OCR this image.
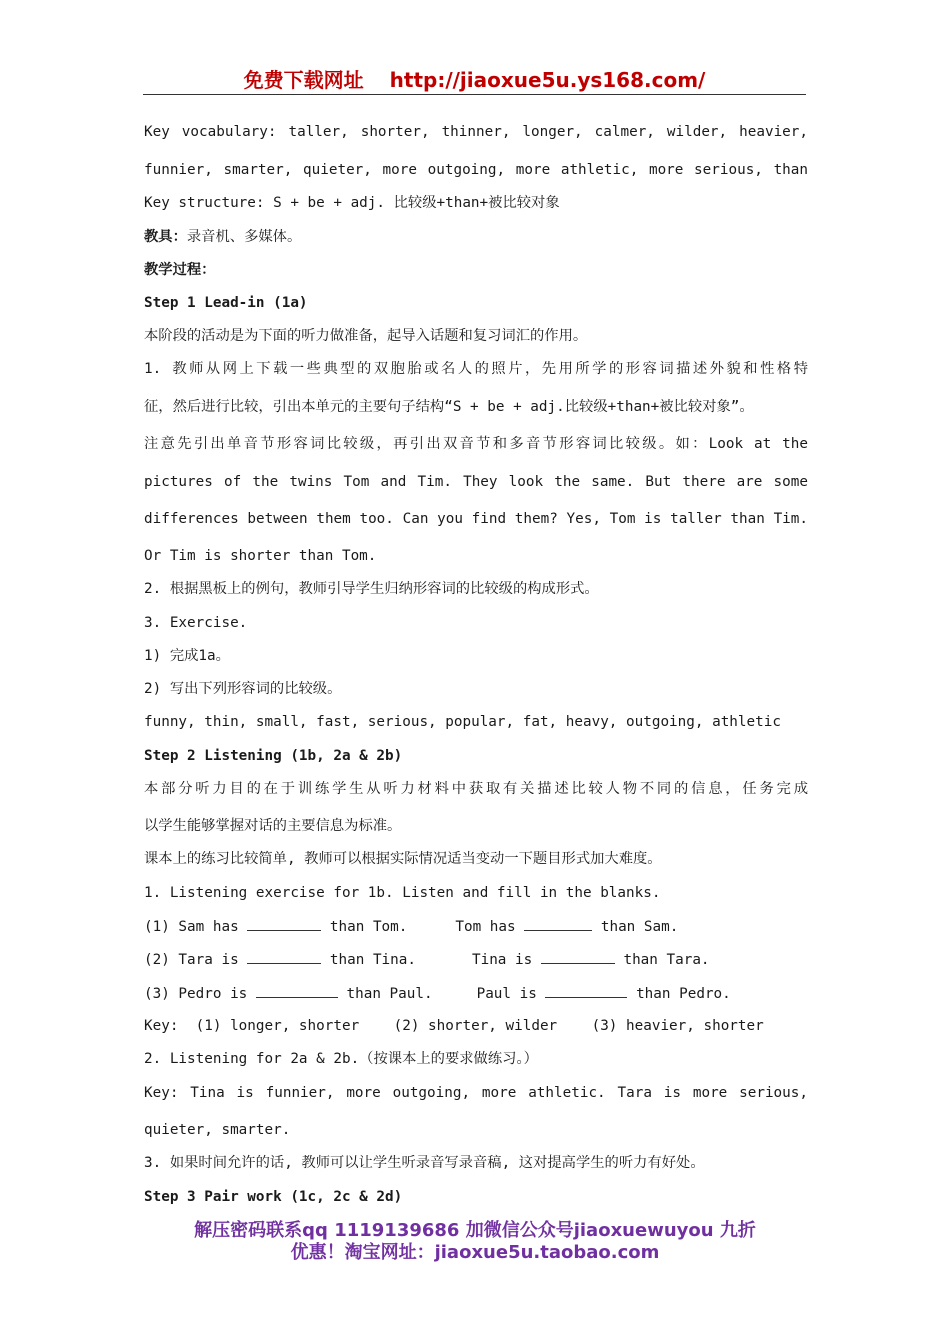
免费下载网址 http://jiaoxue5u.ys168.com/
Key vocabulary: taller, shorter, thinner, longer, calmer, wilder, heavier,
funnier, smarter, quieter, more outgoing, more athletic, more serious, than
Key structure: S + be + adj. 比较级+than+被比较对象
教具：录音机、多媒体。
教学过程：
Step 1 Lead-in (1a)
本阶段的活动是为下面的听力做准备，起导入话题和复习词汇的作用。
1. 教师从网上下载一些典型的双胞胎或名人的照片，先用所学的形容词描述外貌和性格特
征，然后进行比较，引出本单元的主要句子结构“S + be + adj.比较级+than+被比较对象”。
注意先引出单音节形容词比较级，再引出双音节和多音节形容词比较级。如：Look at the
pictures of the twins Tom and Tim. They look the same. But there are some
differences between them too. Can you find them? Yes, Tom is taller than Tim.
Or Tim is shorter than Tom.
2. 根据黑板上的例句，教师引导学生归纳形容词的比较级的构成形式。
3. Exercise.
1) 完成1a。
2) 写出下列形容词的比较级。
funny, thin, small, fast, serious, popular, fat, heavy, outgoing, athletic
Step 2 Listening (1b, 2a & 2b)
本部分听力目的在于训练学生从听力材料中获取有关描述比较人物不同的信息，任务完成
以学生能够掌握对话的主要信息为标准。
课本上的练习比较简单, 教师可以根据实际情况适当变动一下题目形式加大难度。
1. Listening exercise for 1b. Listen and fill in the blanks.
(1) Sam has	than Tom.	Tom has	than Sam.
(2) Tara is	than Tina.	Tina is	than Tara.
(3) Pedro is	than Paul.	Paul is	than Pedro.
Key:  (1) longer, shorter    (2) shorter, wilder    (3) heavier, shorter
2. Listening for 2a & 2b.（按课本上的要求做练习。）
Key: Tina is funnier, more outgoing, more athletic. Tara is more serious,
quieter, smarter.
3. 如果时间允许的话, 教师可以让学生听录音写录音稿, 这对提高学生的听力有好处。
Step 3 Pair work (1c, 2c & 2d)
解压密码联系qq 1119139686 加微信公众号jiaoxuewuyou 九折
优惠！淘宝网址：jiaoxue5u.taobao.com
